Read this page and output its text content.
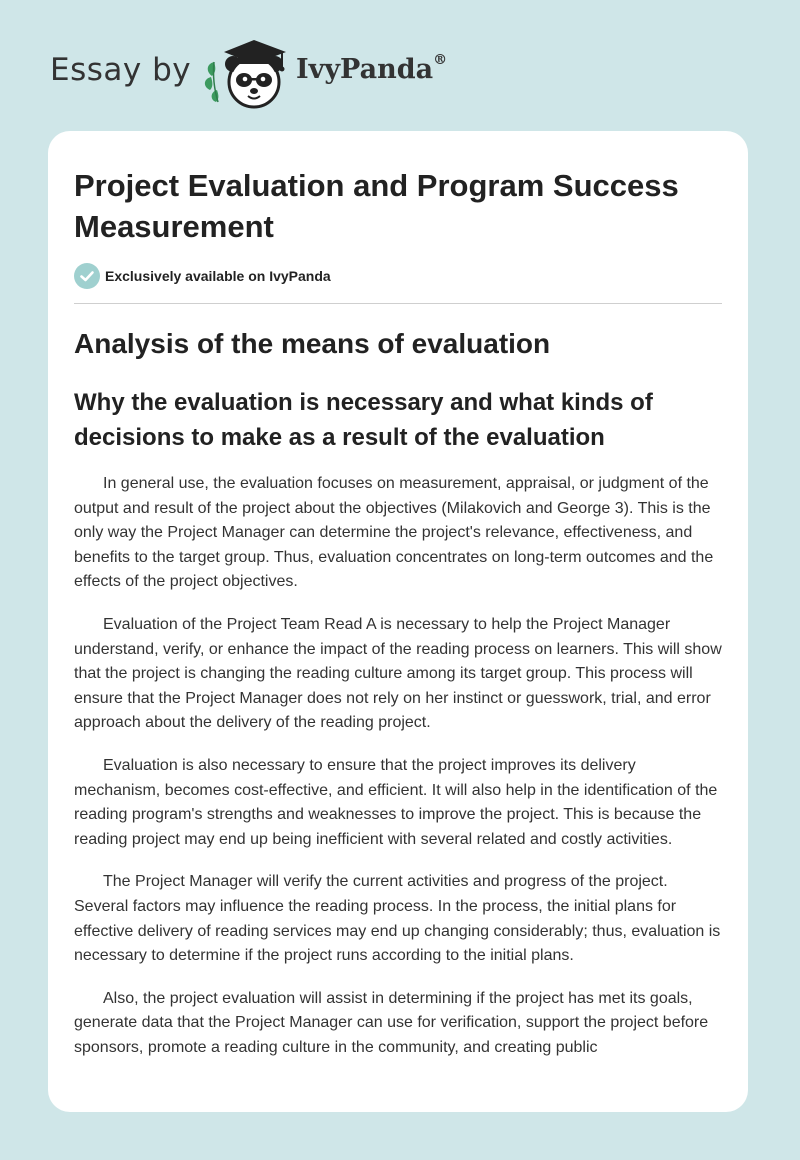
Essay by	IvyPanda®
Project Evaluation and Program Success Measurement
Exclusively available on IvyPanda
Analysis of the means of evaluation
Why the evaluation is necessary and what kinds of decisions to make as a result of the evaluation

In general use, the evaluation focuses on measurement, appraisal, or judgment of the output and result of the project about the objectives (Milakovich and George 3). This is the only way the Project Manager can determine the project's relevance, effectiveness, and benefits to the target group. Thus, evaluation concentrates on long-term outcomes and the effects of the project objectives.

Evaluation of the Project Team Read A is necessary to help the Project Manager understand, verify, or enhance the impact of the reading process on learners. This will show that the project is changing the reading culture among its target group. This process will ensure that the Project Manager does not rely on her instinct or guesswork, trial, and error approach about the delivery of the reading project.

Evaluation is also necessary to ensure that the project improves its delivery mechanism, becomes cost-effective, and efficient. It will also help in the identification of the reading program's strengths and weaknesses to improve the project. This is because the reading project may end up being inefficient with several related and costly activities.

The Project Manager will verify the current activities and progress of the project. Several factors may influence the reading process. In the process, the initial plans for effective delivery of reading services may end up changing considerably; thus, evaluation is necessary to determine if the project runs according to the initial plans.

Also, the project evaluation will assist in determining if the project has met its goals, generate data that the Project Manager can use for verification, support the project before sponsors, promote a reading culture in the community, and creating public
